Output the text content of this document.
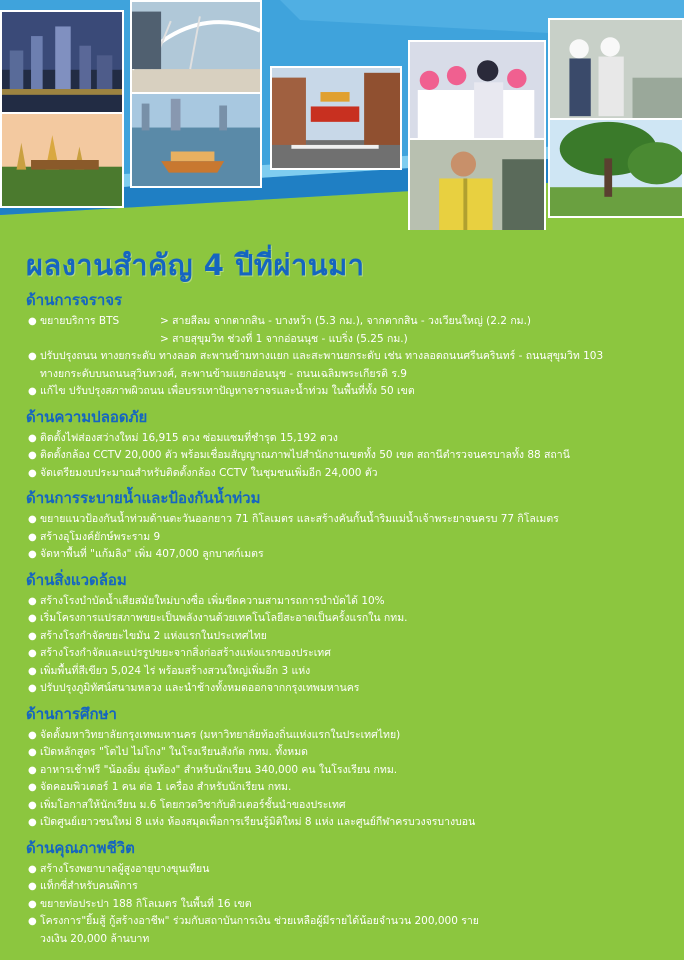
ผลงานสำคัญ 4 ปีที่ผ่านมา
ด้านการจราจร
● ขยายบริการ BTS	> สายสีลม จากตากสิน - บางหว้า (5.3 กม.), จากตากสิน - วงเวียนใหญ่ (2.2 กม.)
> สายสุขุมวิท ช่วงที่ 1 จากอ่อนนุช - แบริ่ง (5.25 กม.)
● ปรับปรุงถนน ทางยกระดับ ทางลอด สะพานข้ามทางแยก และสะพานยกระดับ เช่น ทางลอดถนนศรีนครินทร์ - ถนนสุขุมวิท 103
ทางยกระดับบนถนนสุวินทวงศ์, สะพานข้ามแยกอ่อนนุช - ถนนเฉลิมพระเกียรติ ร.9
● แก้ไข ปรับปรุงสภาพผิวถนน เพื่อบรรเทาปัญหาจราจรและน้ำท่วม ในพื้นที่ทั้ง 50 เขต
ด้านความปลอดภัย
● ติดตั้งไฟส่องสว่างใหม่ 16,915 ดวง ซ่อมแซมที่ชำรุด 15,192 ดวง
● ติดตั้งกล้อง CCTV 20,000 ตัว พร้อมเชื่อมสัญญาณภาพไปสำนักงานเขตทั้ง 50 เขต สถานีตำรวจนครบาลทั้ง 88 สถานี
● จัดเตรียมงบประมาณสำหรับติดตั้งกล้อง CCTV ในชุมชนเพิ่มอีก 24,000 ตัว
ด้านการระบายน้ำและป้องกันน้ำท่วม
● ขยายแนวป้องกันน้ำท่วมด้านตะวันออกยาว 71 กิโลเมตร และสร้างคันกั้นน้ำริมแม่น้ำเจ้าพระยาจนครบ 77 กิโลเมตร
● สร้างอุโมงค์ยักษ์พระราม 9
● จัดหาพื้นที่ "แก้มลิง" เพิ่ม 407,000 ลูกบาศก์เมตร
ด้านสิ่งแวดล้อม
● สร้างโรงบำบัดน้ำเสียสมัยใหม่บางซื่อ เพิ่มขีดความสามารถการบำบัดได้ 10%
● เริ่มโครงการแปรสภาพขยะเป็นพลังงานด้วยเทคโนโลยีสะอาดเป็นครั้งแรกใน กทม.
● สร้างโรงกำจัดขยะไขมัน 2 แห่งแรกในประเทศไทย
● สร้างโรงกำจัดและแปรรูปขยะจากสิ่งก่อสร้างแห่งแรกของประเทศ
● เพิ่มพื้นที่สีเขียว 5,024 ไร่ พร้อมสร้างสวนใหญ่เพิ่มอีก 3 แห่ง
● ปรับปรุงภูมิทัศน์สนามหลวง และนำช้างทั้งหมดออกจากกรุงเทพมหานคร
ด้านการศึกษา
● จัดตั้งมหาวิทยาลัยกรุงเทพมหานคร (มหาวิทยาลัยท้องถิ่นแห่งแรกในประเทศไทย)
● เปิดหลักสูตร "โตไป ไม่โกง" ในโรงเรียนสังกัด กทม. ทั้งหมด
● อาหารเช้าฟรี "น้องอิ่ม อุ่นท้อง" สำหรับนักเรียน 340,000 คน ในโรงเรียน กทม.
● จัดคอมพิวเตอร์ 1 คน ต่อ 1 เครื่อง สำหรับนักเรียน กทม.
● เพิ่มโอกาสให้นักเรียน ม.6 โดยกวดวิชากับติวเตอร์ชั้นนำของประเทศ
● เปิดศูนย์เยาวชนใหม่ 8 แห่ง ห้องสมุดเพื่อการเรียนรู้มิติใหม่ 8 แห่ง และศูนย์กีฬาครบวงจรบางบอน
ด้านคุณภาพชีวิต
● สร้างโรงพยาบาลผู้สูงอายุบางขุนเทียน
● แท็กซี่สำหรับคนพิการ
● ขยายท่อประปา 188 กิโลเมตร ในพื้นที่ 16 เขต
● โครงการ"ยิ้มสู้ กู้สร้างอาชีพ" ร่วมกับสถาบันการเงิน ช่วยเหลือผู้มีรายได้น้อยจำนวน 200,000 ราย
วงเงิน 20,000 ล้านบาท
